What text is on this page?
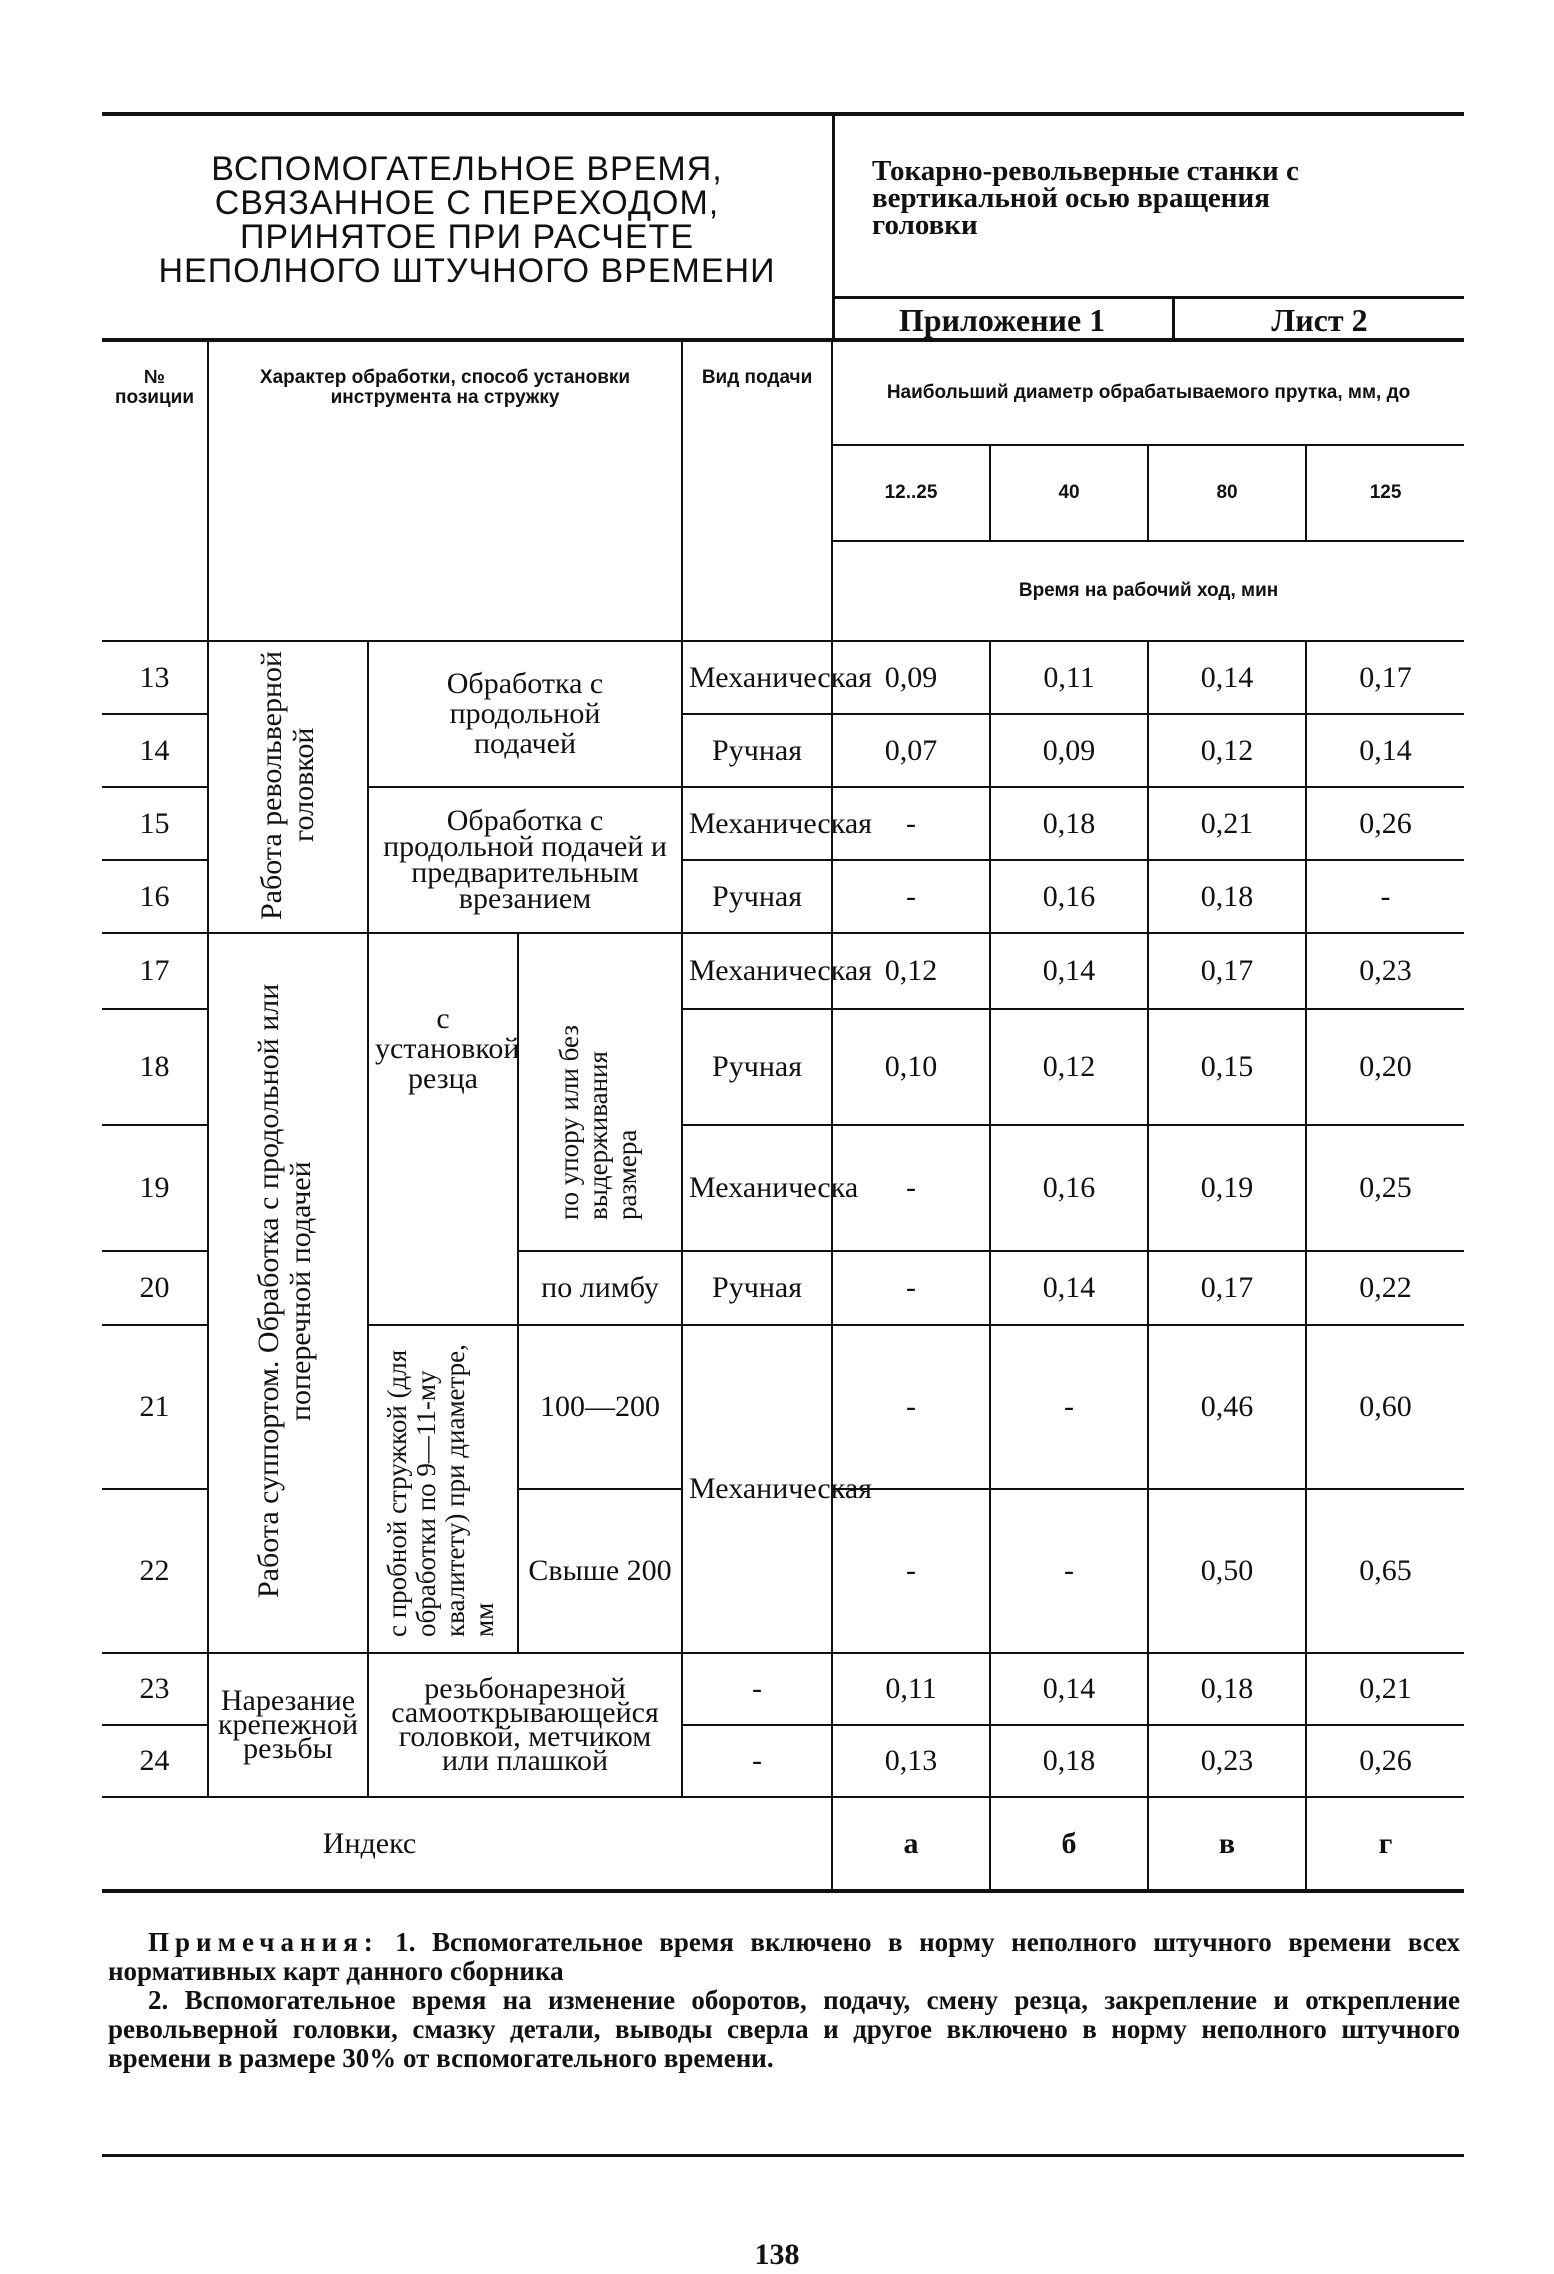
ВСПОМОГАТЕЛЬНОЕ ВРЕМЯ,
СВЯЗАННОЕ С ПЕРЕХОДОМ,
ПРИНЯТОЕ ПРИ РАСЧЕТЕ
НЕПОЛНОГО ШТУЧНОГО ВРЕМЕНИ
Токарно-револьверные станки с
вертикальной осью вращения
головки
Приложение 1	Лист 2
№ позиции	Характер обработки, способ установки инструмента на стружку			Вид подачи	Наибольший диаметр обрабатываемого прутка, мм, до			
					12..25	40	80	125
					Время на рабочий ход, мин			
13	Работа револьверной головкой	Обработка с продольной подачей		Механическая	0,09	0,11	0,14	0,17
14				Ручная	0,07	0,09	0,12	0,14
15		Обработка с продольной подачей и предварительным врезанием		Механическая	-	0,18	0,21	0,26
16				Ручная	-	0,16	0,18	-
17	Работа суппортом. Обработка с продольной или поперечной подачей	с установкой резца	по упору или без выдерживания размера	Механическая	0,12	0,14	0,17	0,23
18				Ручная	0,10	0,12	0,15	0,20
19				Механическа	-	0,16	0,19	0,25
20			по лимбу	Ручная	-	0,14	0,17	0,22
21		с пробной стружкой (для обработки по 9—11-му квалитету) при диаметре, мм	100—200	Механическая	-	-	0,46	0,60
22			Свыше 200		-	-	0,50	0,65
23	Нарезание крепежной резьбы	резьбонарезной самооткрывающейся головкой, метчиком или плашкой		-	0,11	0,14	0,18	0,21
24				-	0,13	0,18	0,23	0,26
Индекс					а	б	в	г

Примечания: 1. Вспомогательное время включено в норму неполного штучного времени всех нормативных карт данного сборника

2. Вспомогательное время на изменение оборотов, подачу, смену резца, закрепление и открепление револьверной головки, смазку детали, выводы сверла и другое включено в норму неполного штучного времени в размере 30% от вспомогательного времени.

138
